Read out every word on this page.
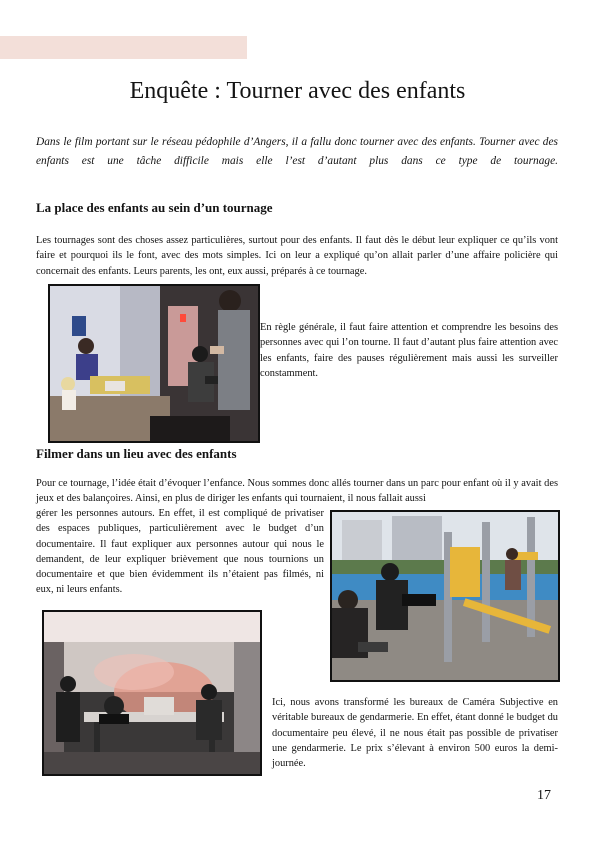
Enquête : Tourner avec des enfants

Dans le film portant sur le réseau pédophile d’Angers, il a fallu donc tourner avec des enfants. Tourner avec des enfants est une tâche difficile mais elle l’est d’autant plus dans ce type de tournage.

La place des enfants au sein d’un tournage

Les tournages sont des choses assez particulières, surtout pour des enfants. Il faut dès le début leur expliquer ce qu’ils vont faire et pourquoi ils le font, avec des mots simples. Ici on leur a expliqué qu’on allait parler d’une affaire policière qui concernait des enfants. Leurs parents, les ont, eux aussi, préparés à ce tournage.

En règle générale, il faut faire attention et comprendre les besoins des personnes avec qui l’on tourne. Il faut d’autant plus faire attention avec les enfants, faire des pauses régulièrement mais aussi les surveiller constamment.

Filmer dans un lieu avec des enfants

Pour ce tournage, l’idée était d’évoquer l’enfance. Nous sommes donc allés tourner dans un parc pour enfant où il y avait des jeux et des balançoires. Ainsi, en plus de diriger les enfants qui tournaient, il nous fallait aussi

gérer les personnes autours. En effet, il est compliqué de privatiser des espaces publiques, particulièrement avec le budget d’un documentaire. Il faut expliquer aux personnes autour qui nous le demandent, de leur expliquer brièvement que nous tournions un documentaire et que bien évidemment ils n’étaient pas filmés, ni eux, ni leurs enfants.

Ici, nous avons transformé les bureaux de Caméra Subjective en véritable bureaux de gendarmerie. En effet, étant donné le budget du documentaire peu élevé, il ne nous était pas possible de privatiser une gendarmerie. Le prix s’élevant à environ 500 euros la demi-journée.

17
